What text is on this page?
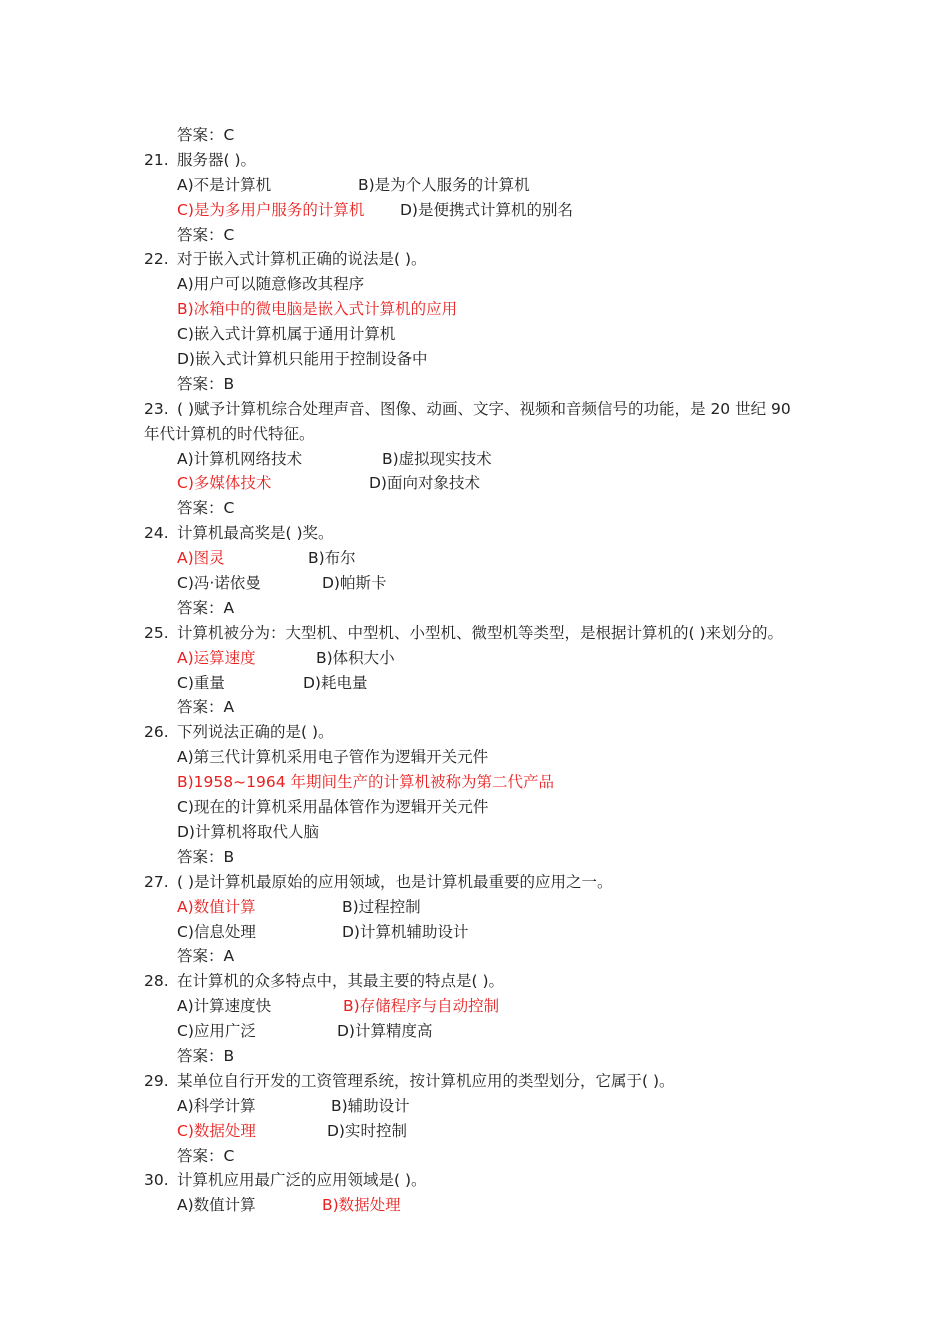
答案：C
21. 服务器( )。
A)不是计算机	B)是为个人服务的计算机
C)是为多用户服务的计算机 D)是便携式计算机的别名
答案：C
22. 对于嵌入式计算机正确的说法是( )。
A)用户可以随意修改其程序
B)冰箱中的微电脑是嵌入式计算机的应用
C)嵌入式计算机属于通用计算机
D)嵌入式计算机只能用于控制设备中
答案：B
23. ( )赋予计算机综合处理声音、图像、动画、文字、视频和音频信号的功能，是 20 世纪 90
年代计算机的时代特征。
A)计算机网络技术	B)虚拟现实技术
C)多媒体技术	D)面向对象技术
答案：C
24. 计算机最高奖是( )奖。
A)图灵	B)布尔
C)冯·诺依曼	D)帕斯卡
答案：A
25. 计算机被分为：大型机、中型机、小型机、微型机等类型，是根据计算机的( )来划分的。
A)运算速度	B)体积大小
C)重量	D)耗电量
答案：A
26. 下列说法正确的是( )。
A)第三代计算机采用电子管作为逻辑开关元件
B)1958~1964 年期间生产的计算机被称为第二代产品
C)现在的计算机采用晶体管作为逻辑开关元件
D)计算机将取代人脑
答案：B
27. ( )是计算机最原始的应用领域，也是计算机最重要的应用之一。
A)数值计算	B)过程控制
C)信息处理	D)计算机辅助设计
答案：A
28. 在计算机的众多特点中，其最主要的特点是( )。
A)计算速度快	B)存储程序与自动控制
C)应用广泛	D)计算精度高
答案：B
29. 某单位自行开发的工资管理系统，按计算机应用的类型划分，它属于( )。
A)科学计算	B)辅助设计
C)数据处理	D)实时控制
答案：C
30. 计算机应用最广泛的应用领域是( )。
A)数值计算	B)数据处理
